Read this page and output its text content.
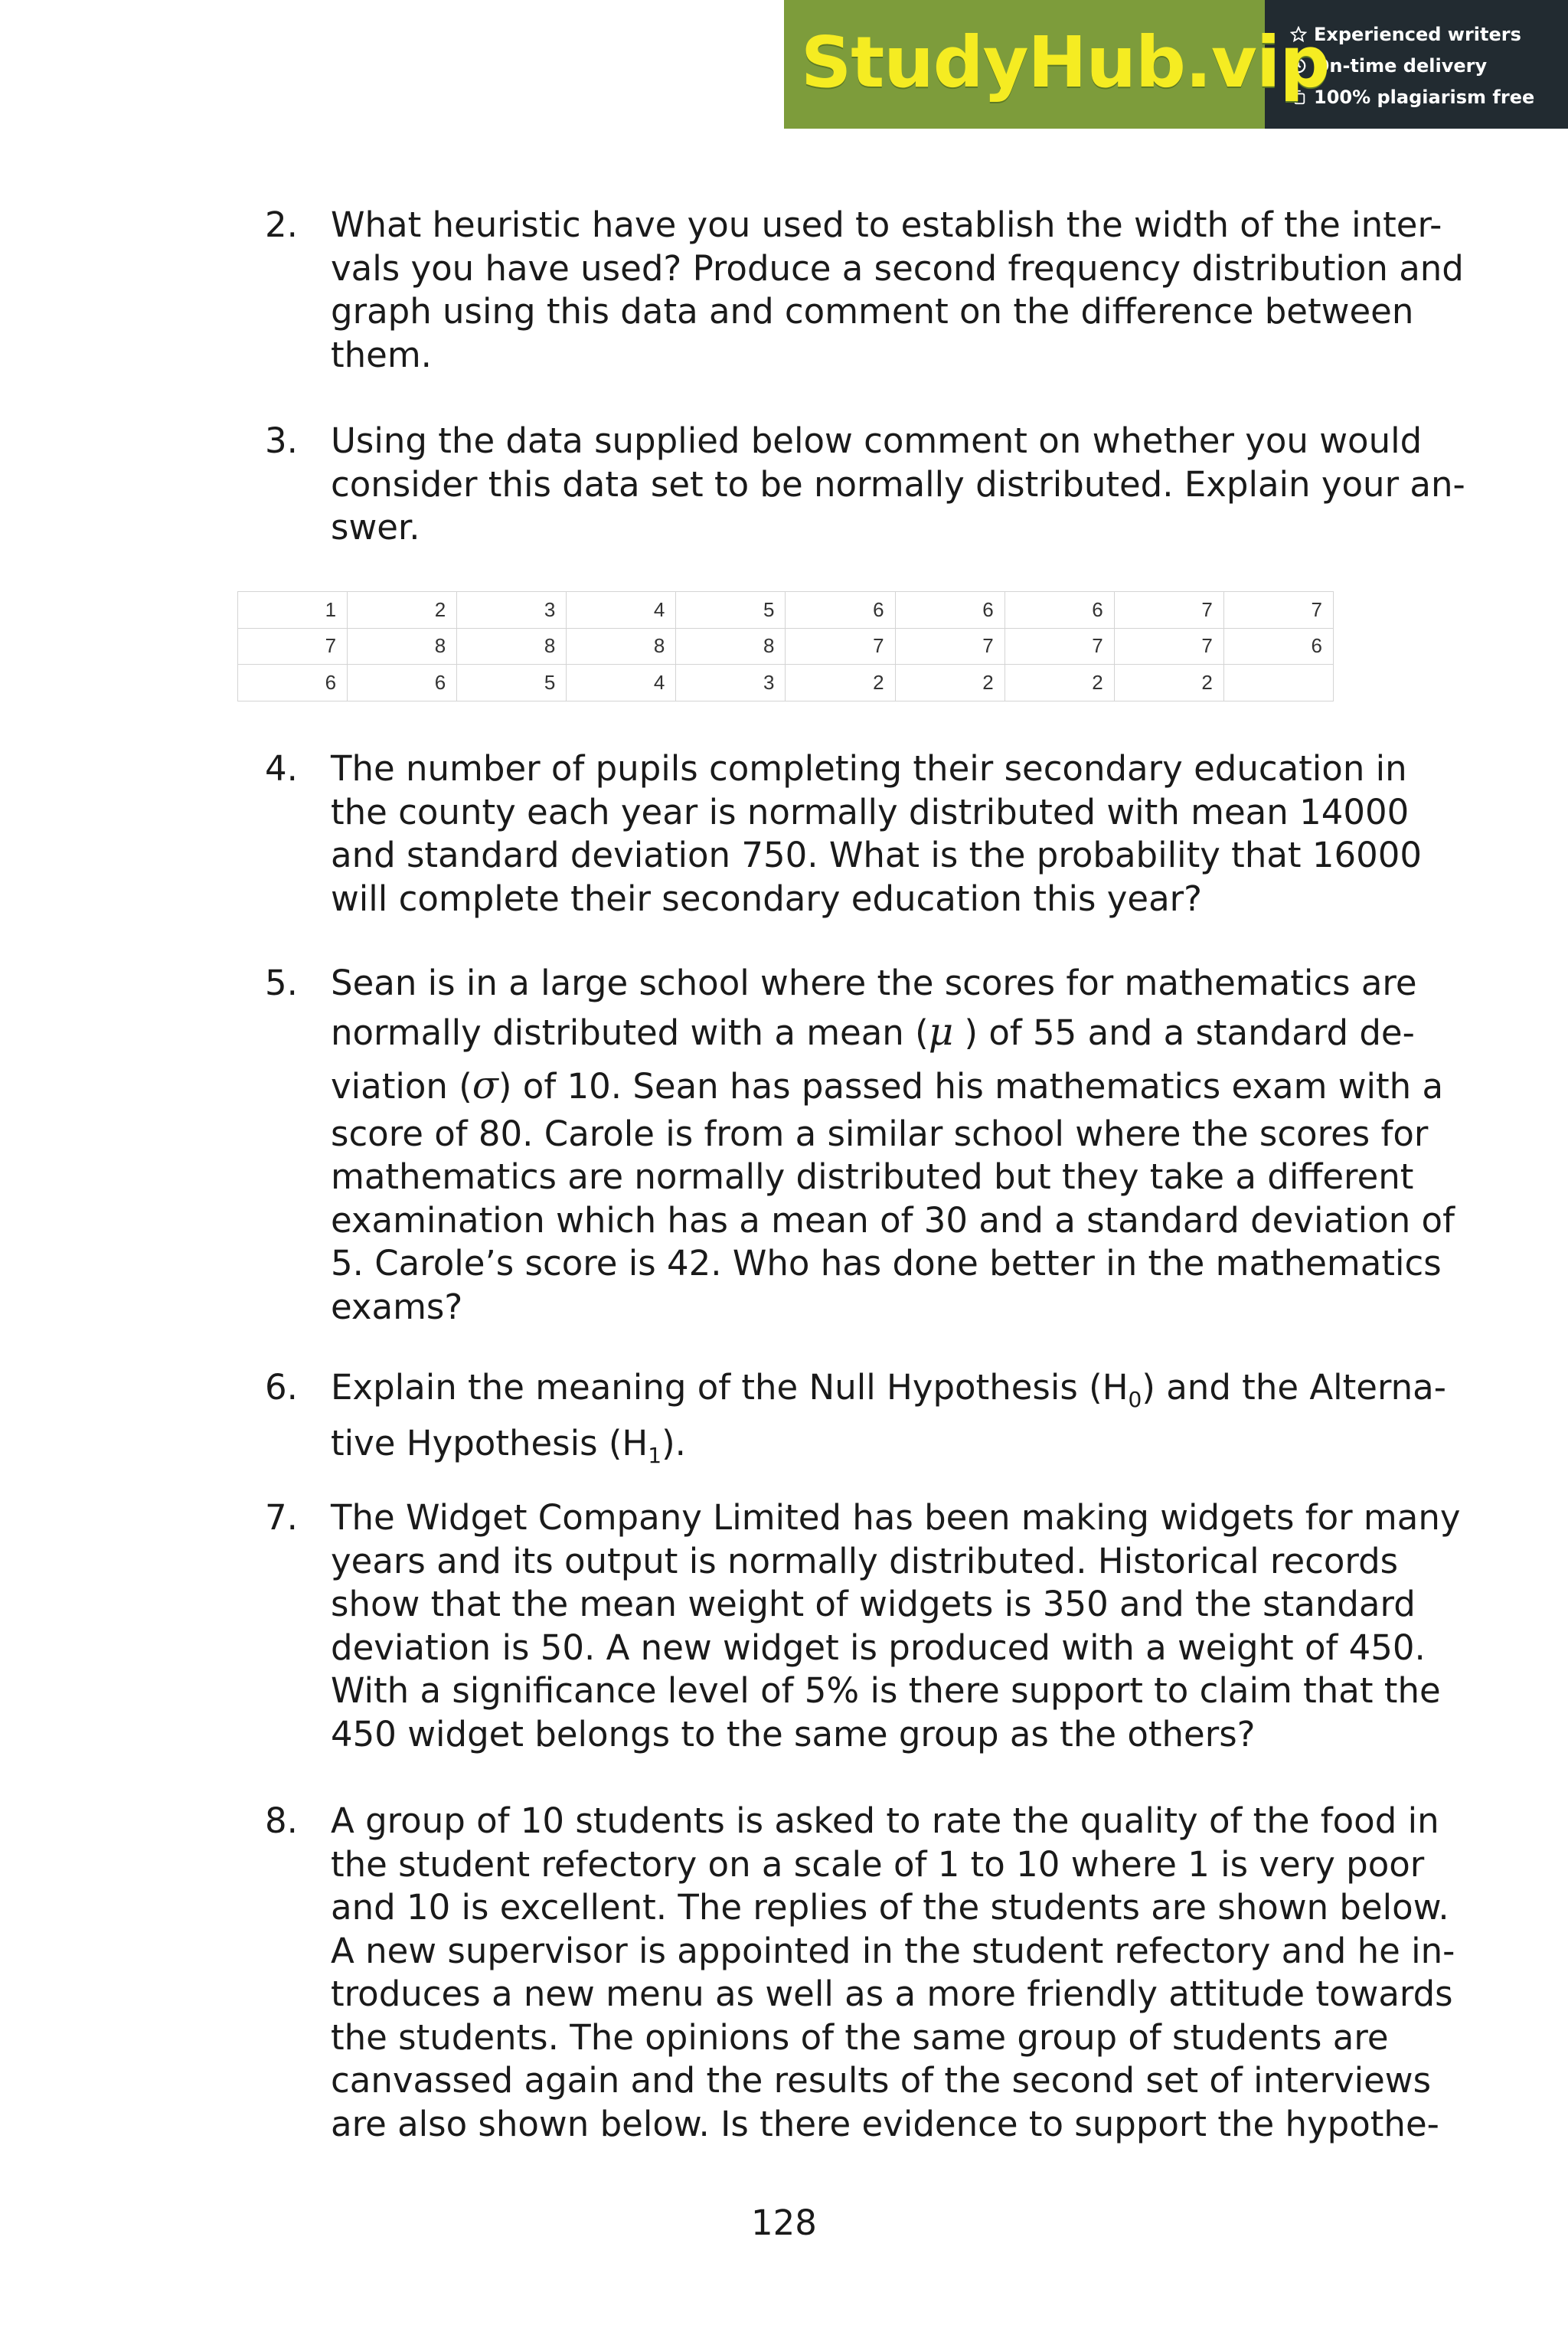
StudyHub.vip
Experienced writers
On-time delivery
100% plagiarism free
2. What heuristic have you used to establish the width of the inter-
vals you have used? Produce a second frequency distribution and
graph using this data and comment on the difference between
them.
3. Using the data supplied below comment on whether you would
consider this data set to be normally distributed. Explain your an-
swer.
1	2	3	4	5	6	6	6	7	7
7	8	8	8	8	7	7	7	7	6
6	6	5	4	3	2	2	2	2	
4. The number of pupils completing their secondary education in
the county each year is normally distributed with mean 14000
and standard deviation 750. What is the probability that 16000
will complete their secondary education this year?
5. Sean is in a large school where the scores for mathematics are
normally distributed with a mean (μ ) of 55 and a standard de-
viation (σ) of 10. Sean has passed his mathematics exam with a
score of 80. Carole is from a similar school where the scores for
mathematics are normally distributed but they take a different
examination which has a mean of 30 and a standard deviation of
5. Carole’s score is 42. Who has done better in the mathematics
exams?
6. Explain the meaning of the Null Hypothesis $(H_0)$ and the Alterna-
tive Hypothesis $(H_1)$.
7. The Widget Company Limited has been making widgets for many
years and its output is normally distributed. Historical records
show that the mean weight of widgets is 350 and the standard
deviation is 50. A new widget is produced with a weight of 450.
With a significance level of 5% is there support to claim that the
450 widget belongs to the same group as the others?
8. A group of 10 students is asked to rate the quality of the food in
the student refectory on a scale of 1 to 10 where 1 is very poor
and 10 is excellent. The replies of the students are shown below.
A new supervisor is appointed in the student refectory and he in-
troduces a new menu as well as a more friendly attitude towards
the students. The opinions of the same group of students are
canvassed again and the results of the second set of interviews
are also shown below. Is there evidence to support the hypothe-
128
